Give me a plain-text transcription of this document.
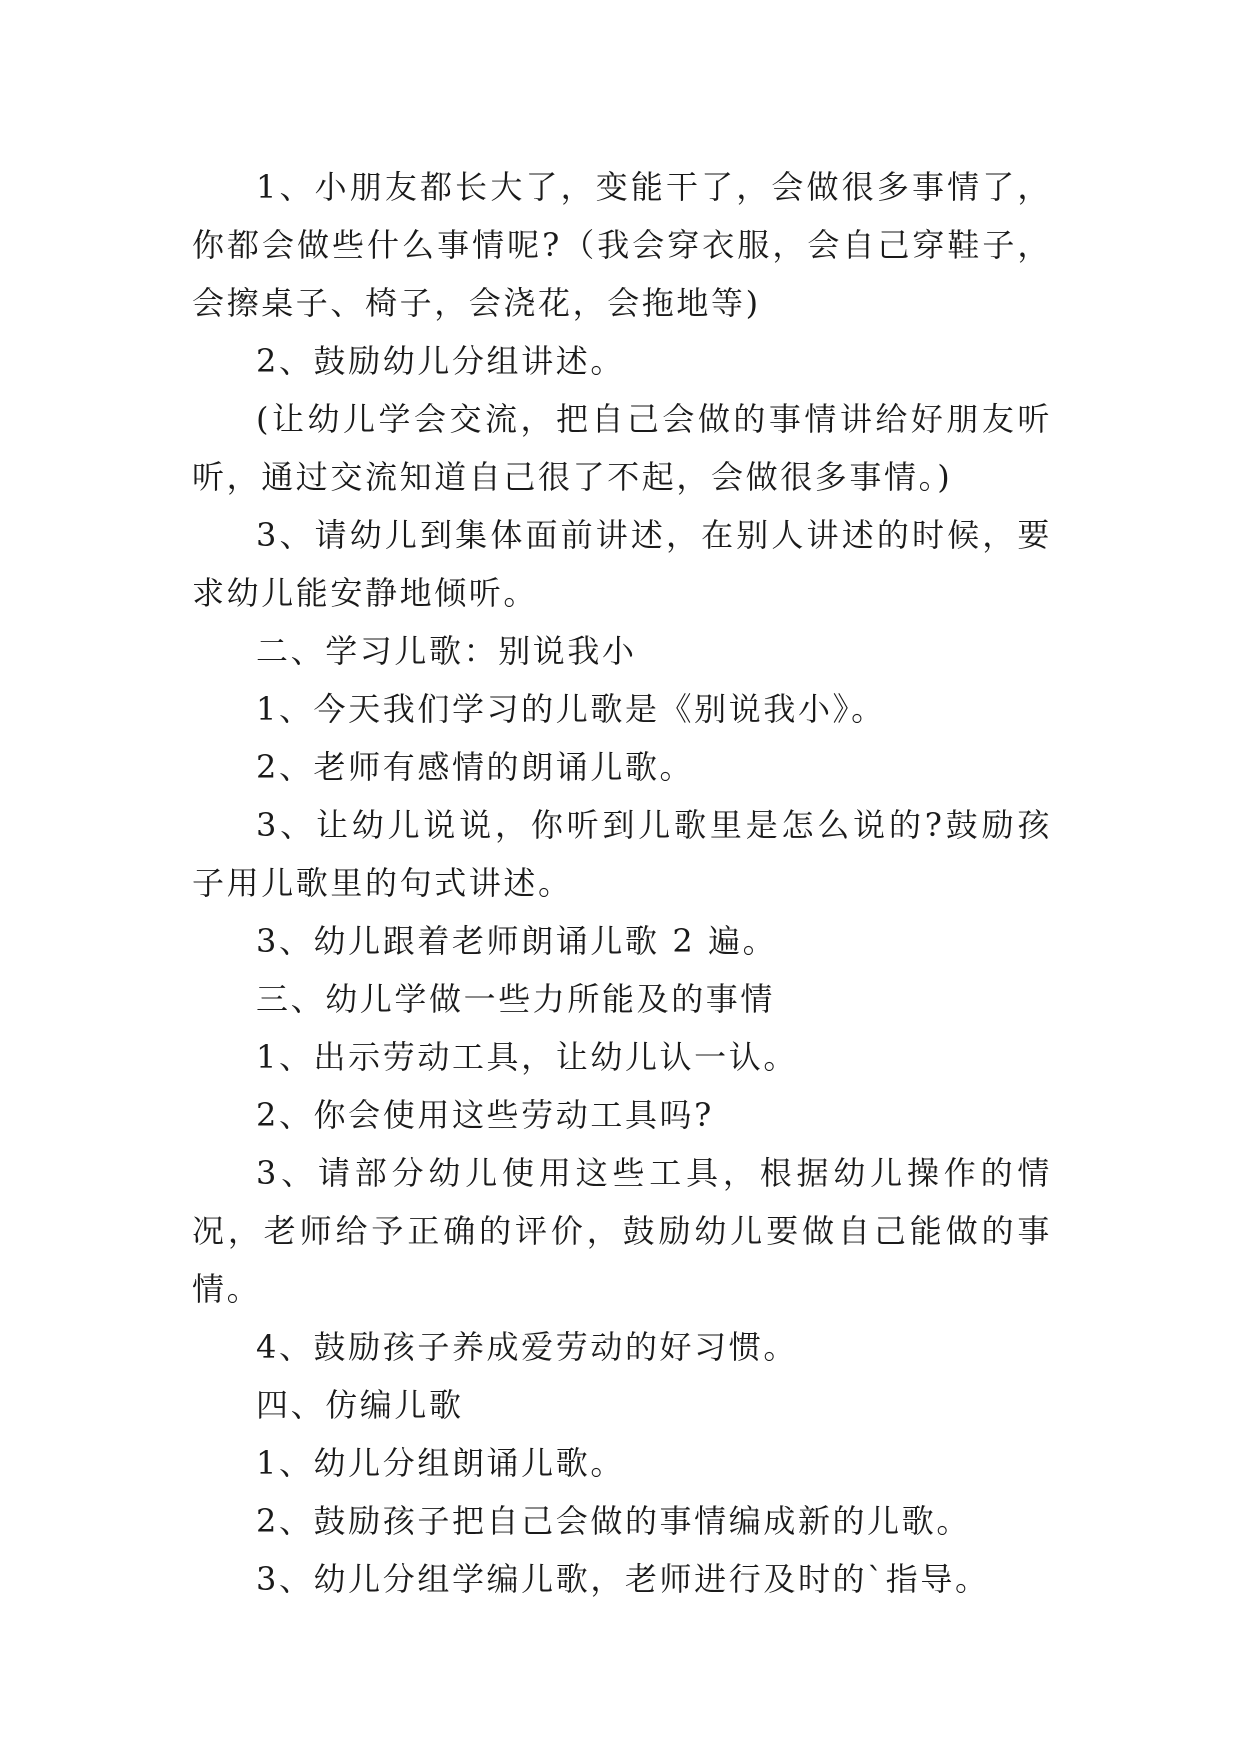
1、小朋友都长大了，变能干了，会做很多事情了，你都会做些什么事情呢?（我会穿衣服，会自己穿鞋子，会擦桌子、椅子，会浇花，会拖地等)

2、鼓励幼儿分组讲述。

(让幼儿学会交流，把自己会做的事情讲给好朋友听听，通过交流知道自己很了不起，会做很多事情。)

3、请幼儿到集体面前讲述，在别人讲述的时候，要求幼儿能安静地倾听。

二、学习儿歌：别说我小

1、今天我们学习的儿歌是《别说我小》。

2、老师有感情的朗诵儿歌。

3、让幼儿说说，你听到儿歌里是怎么说的?鼓励孩子用儿歌里的句式讲述。

3、幼儿跟着老师朗诵儿歌 2 遍。

三、幼儿学做一些力所能及的事情

1、出示劳动工具，让幼儿认一认。

2、你会使用这些劳动工具吗?

3、请部分幼儿使用这些工具，根据幼儿操作的情况，老师给予正确的评价，鼓励幼儿要做自己能做的事情。

4、鼓励孩子养成爱劳动的好习惯。

四、仿编儿歌

1、幼儿分组朗诵儿歌。

2、鼓励孩子把自己会做的事情编成新的儿歌。

3、幼儿分组学编儿歌，老师进行及时的`指导。
